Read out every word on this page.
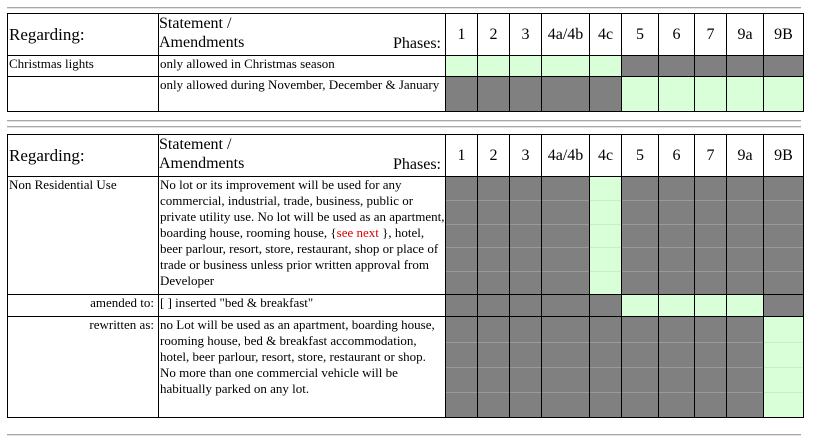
Regarding:	Statement /
Amendments Phases:	1	2	3	4a/4b	4c	5	6	7	9a	9B
Christmas lights	only allowed in Christmas season										
	only allowed during November, December & January										
Regarding:	Statement /
Amendments Phases:	1	2	3	4a/4b	4c	5	6	7	9a	9B
Non Residential Use	No lot or its improvement will be used for any commercial, industrial, trade, business, public or private utility use. No lot will be used as an apartment, boarding house, rooming house, {see next }, hotel, beer parlour, resort, store, restaurant, shop or place of trade or business unless prior written approval from Developer	

amended to:	[ ] inserted "bed & breakfast"										
rewritten as:	no Lot will be used as an apartment, boarding house, rooming house, bed & breakfast accommodation, hotel, beer parlour, resort, store, restaurant or shop. No more than one commercial vehicle will be habitually parked on any lot.	
